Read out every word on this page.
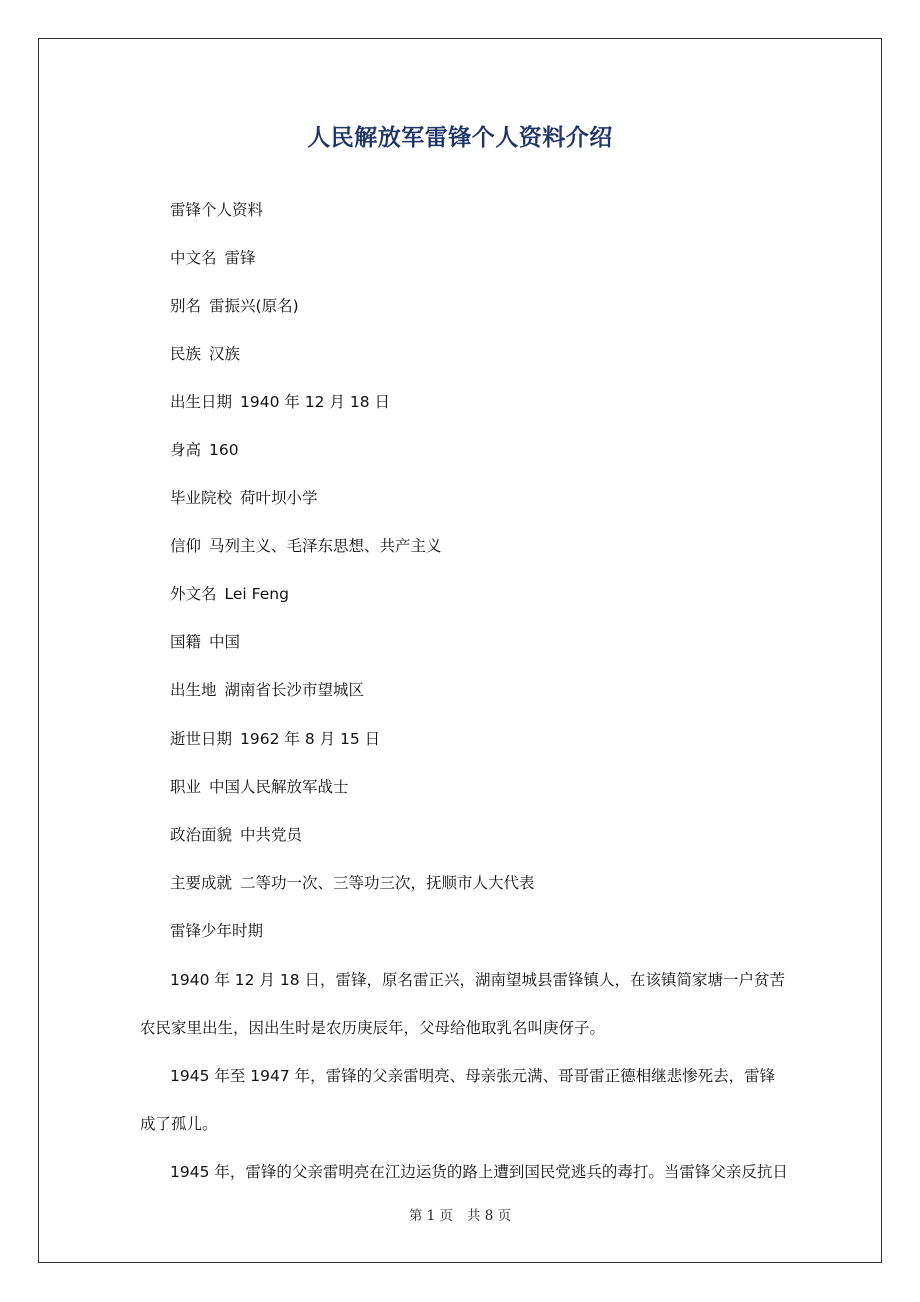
人民解放军雷锋个人资料介绍
雷锋个人资料
中文名 雷锋
别名 雷振兴(原名)
民族 汉族
出生日期 1940 年 12 月 18 日
身高 160
毕业院校 荷叶坝小学
信仰 马列主义、毛泽东思想、共产主义
外文名 Lei Feng
国籍 中国
出生地 湖南省长沙市望城区
逝世日期 1962 年 8 月 15 日
职业 中国人民解放军战士
政治面貌 中共党员
主要成就 二等功一次、三等功三次，抚顺市人大代表
雷锋少年时期

1940 年 12 月 18 日，雷锋，原名雷正兴，湖南望城县雷锋镇人，在该镇简家塘一户贫苦农民家里出生，因出生时是农历庚辰年，父母给他取乳名叫庚伢子。

1945 年至 1947 年，雷锋的父亲雷明亮、母亲张元满、哥哥雷正德相继悲惨死去，雷锋成了孤儿。

1945 年，雷锋的父亲雷明亮在江边运货的路上遭到国民党逃兵的毒打。当雷锋父亲反抗日

第 1 页 共 8 页
